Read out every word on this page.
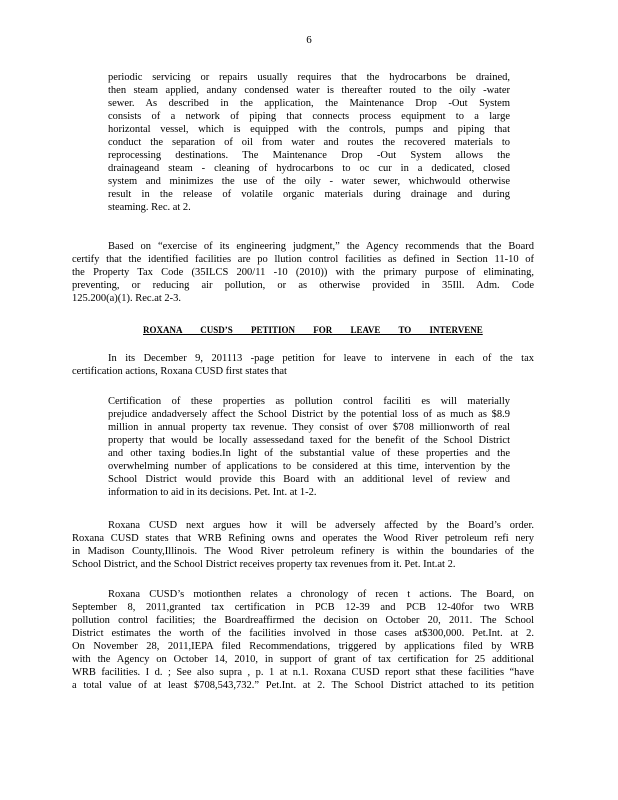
6
periodic servicing or repairs usually requires that the hydrocarbons be drained,
then steam applied, andany condensed water is thereafter routed to the oily -water
sewer. As described in the application, the Maintenance Drop -Out System
consists of a network of piping that connects process equipment to a large
horizontal vessel, which is equipped with the controls, pumps and piping that
conduct the separation of oil from water and routes the recovered materials to
reprocessing destinations. The Maintenance Drop -Out System allows the
drainageand steam - cleaning of hydrocarbons to oc cur in a dedicated, closed
system and minimizes the use of the oily - water sewer, whichwould otherwise
result in the release of volatile organic materials during drainage and during
steaming. Rec. at 2.
Based on “exercise of its engineering judgment,” the Agency recommends that the Board
certify that the identified facilities are po llution control facilities as defined in Section 11-10 of
the Property Tax Code (35ILCS 200/11 -10 (2010)) with the primary purpose of eliminating,
preventing, or reducing air pollution, or as otherwise provided in 35Ill. Adm. Code
125.200(a)(1). Rec.at 2-3.
ROXANA CUSD’S PETITION FOR LEAVE TO INTERVENE
In its December 9, 201113 -page petition for leave to intervene in each of the tax
certification actions, Roxana CUSD first states that
Certification of these properties as pollution control faciliti es will materially
prejudice andadversely affect the School District by the potential loss of as much as $8.9
million in annual property tax revenue. They consist of over $708 millionworth of real
property that would be locally assessedand taxed for the benefit of the School District
and other taxing bodies.In light of the substantial value of these properties and the
overwhelming number of applications to be considered at this time, intervention by the
School District would provide this Board with an additional level of review and
information to aid in its decisions. Pet. Int. at 1-2.
Roxana CUSD next argues how it will be adversely affected by the Board’s order.
Roxana CUSD states that WRB Refining owns and operates the Wood River petroleum refi nery
in Madison County,Illinois. The Wood River petroleum refinery is within the boundaries of the
School District, and the School District receives property tax revenues from it. Pet. Int.at 2.
Roxana CUSD’s motionthen relates a chronology of recen t actions. The Board, on
September 8, 2011,granted tax certification in PCB 12-39 and PCB 12-40for two WRB
pollution control facilities; the Boardreaffirmed the decision on October 20, 2011. The School
District estimates the worth of the facilities involved in those cases at$300,000. Pet.Int. at 2.
On November 28, 2011,IEPA filed Recommendations, triggered by applications filed by WRB
with the Agency on October 14, 2010, in support of grant of tax certification for 25 additional
WRB facilities. I d. ; See also supra , p. 1 at n.1. Roxana CUSD report sthat these facilities “have
a total value of at least $708,543,732.” Pet.Int. at 2. The School District attached to its petition
